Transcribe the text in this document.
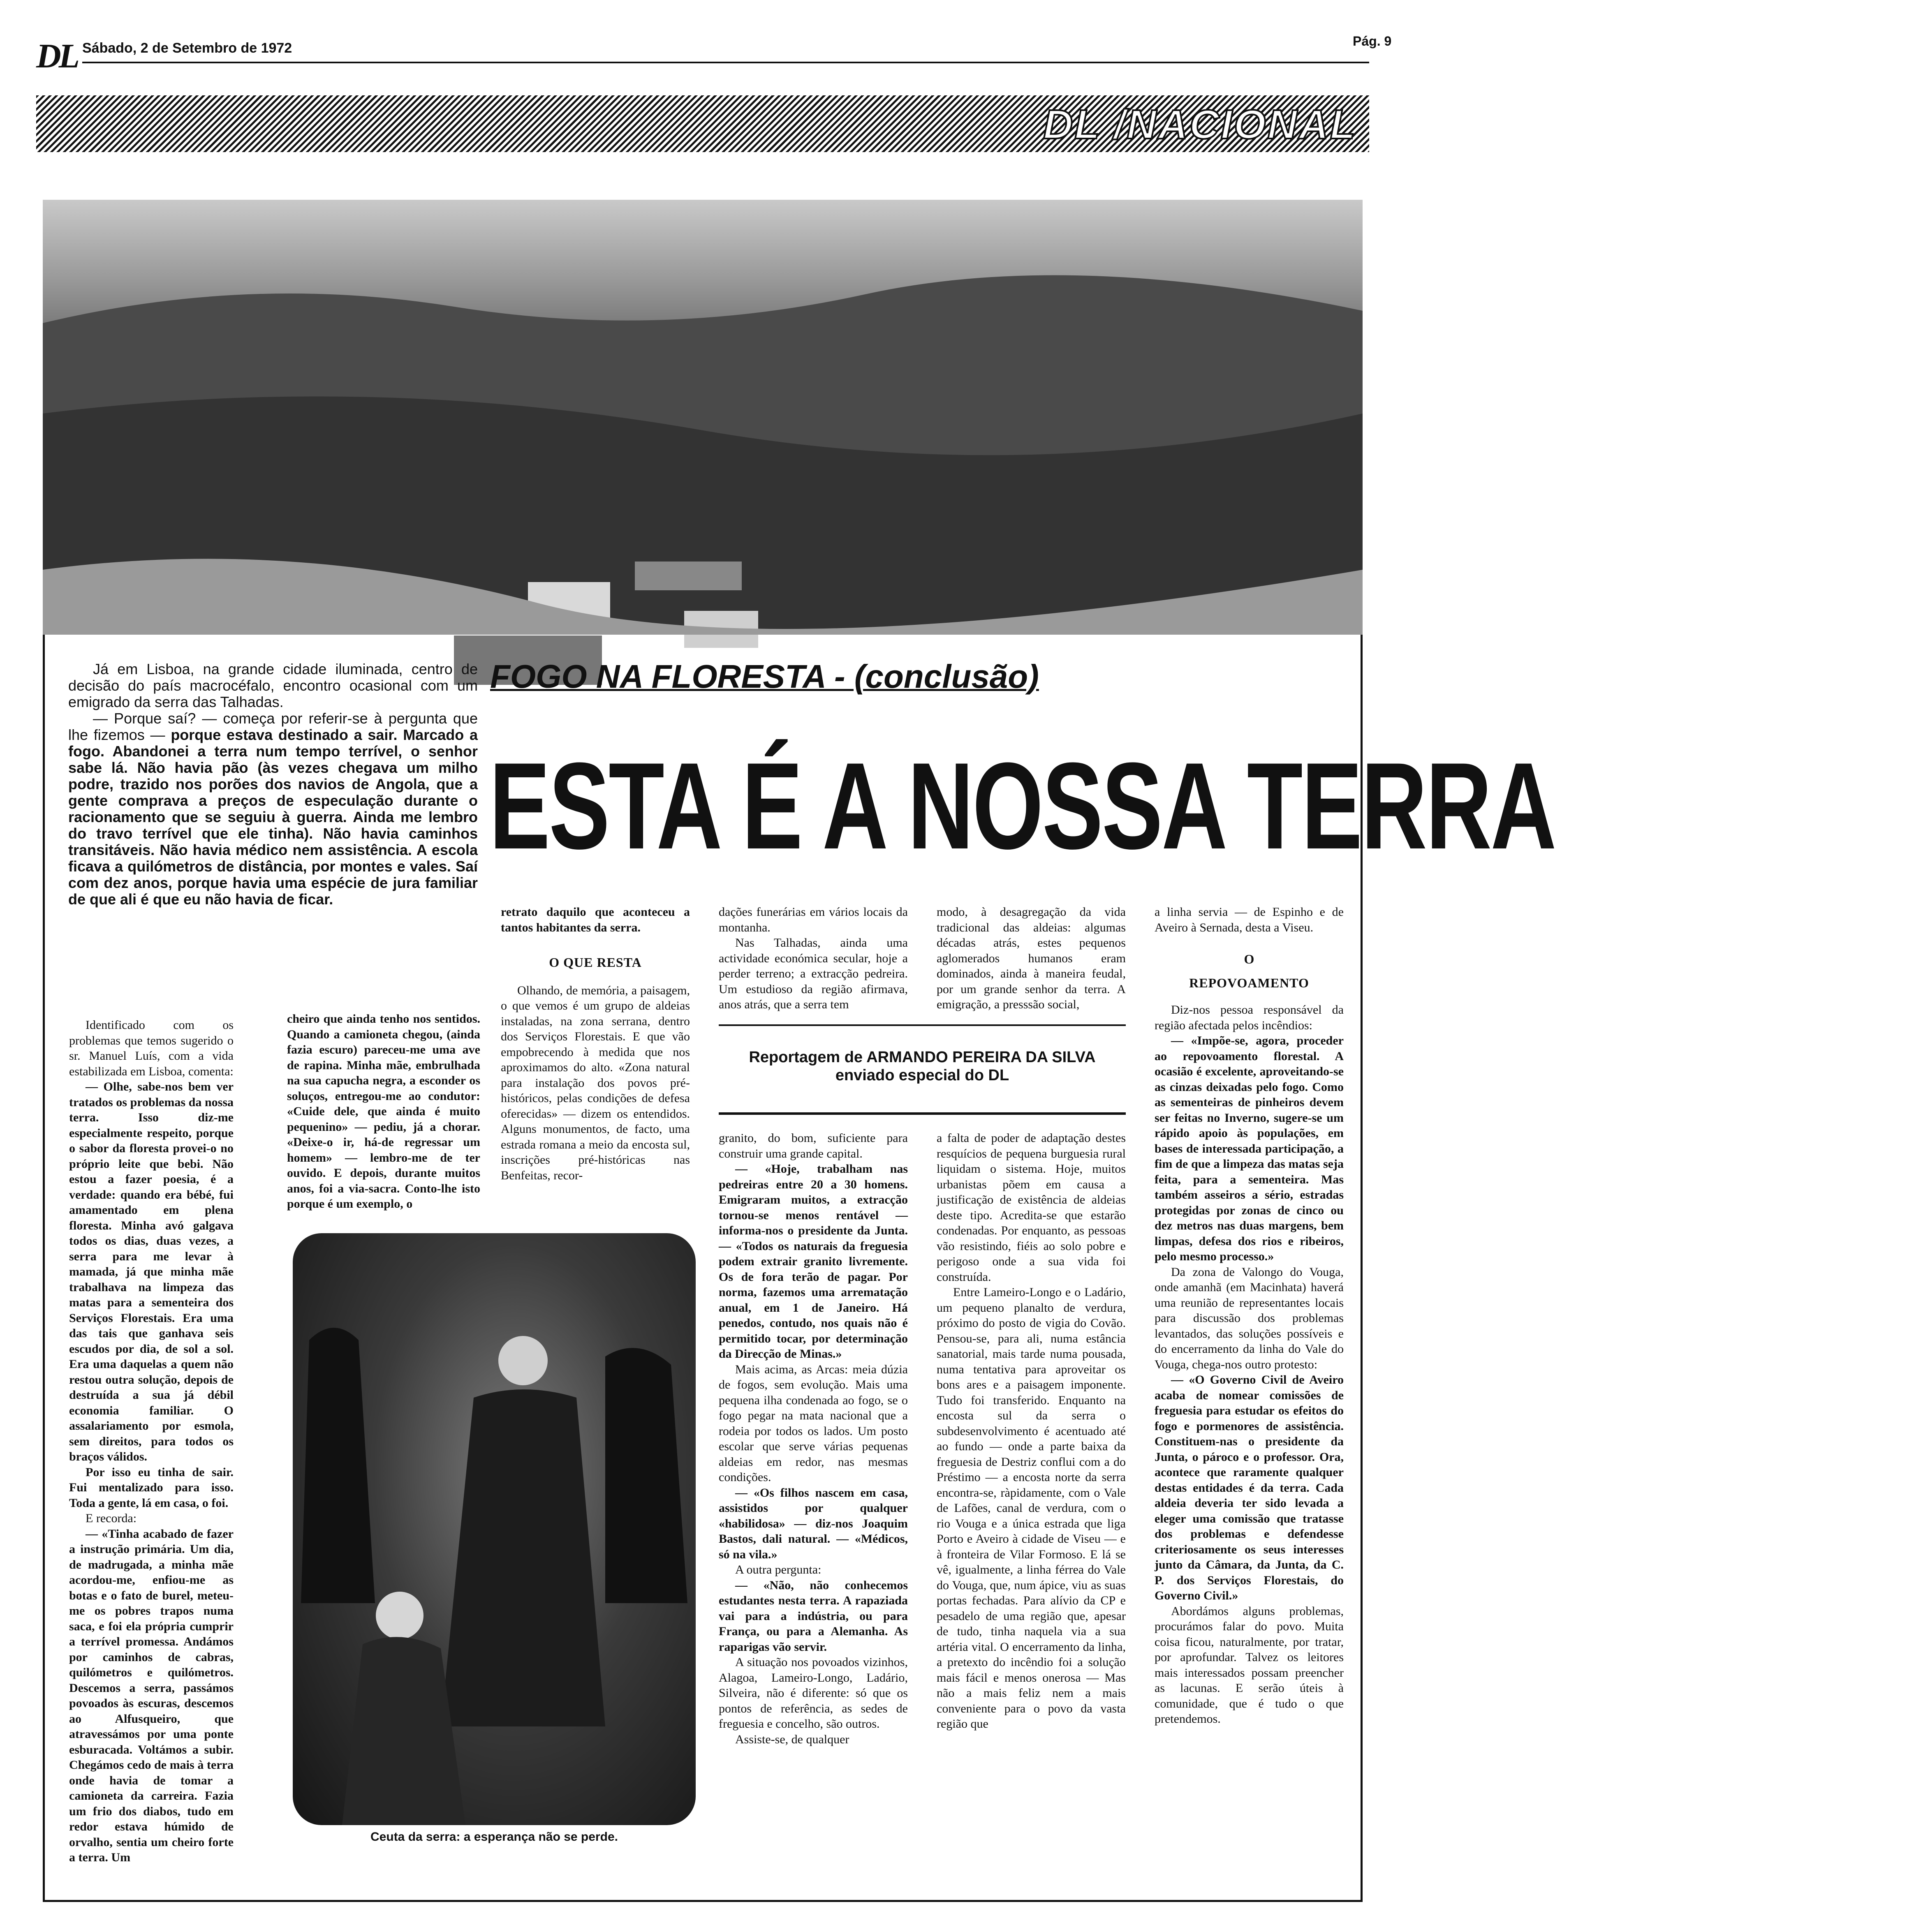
DL Sábado, 2 de Setembro de 1972	Pág. 9
DL /NACIONAL
FOGO NA FLORESTA - (conclusão)
ESTA É A NOSSA TERRA

Já em Lisboa, na grande cidade iluminada, centro de decisão do país macrocéfalo, encontro ocasional com um emigrado da serra das Talhadas.

— Porque saí? — começa por referir-se à pergunta que lhe fizemos — porque estava destinado a sair. Marcado a fogo. Abandonei a terra num tempo terrível, o senhor sabe lá. Não havia pão (às vezes chegava um milho podre, trazido nos porões dos navios de Angola, que a gente comprava a preços de especulação durante o racionamento que se seguiu à guerra. Ainda me lembro do travo terrível que ele tinha). Não havia caminhos transitáveis. Não havia médico nem assistência. A escola ficava a quilómetros de distância, por montes e vales. Saí com dez anos, porque havia uma espécie de jura familiar de que ali é que eu não havia de ficar.

Identificado com os problemas que temos sugerido o sr. Manuel Luís, com a vida estabilizada em Lisboa, comenta:

— Olhe, sabe-nos bem ver tratados os problemas da nossa terra. Isso diz-me especialmente respeito, porque o sabor da floresta provei-o no próprio leite que bebi. Não estou a fazer poesia, é a verdade: quando era bébé, fui amamentado em plena floresta. Minha avó galgava todos os dias, duas vezes, a serra para me levar à mamada, já que minha mãe trabalhava na limpeza das matas para a sementeira dos Serviços Florestais. Era uma das tais que ganhava seis escudos por dia, de sol a sol. Era uma daquelas a quem não restou outra solução, depois de destruída a sua já débil economia familiar. O assalariamento por esmola, sem direitos, para todos os braços válidos.

Por isso eu tinha de sair. Fui mentalizado para isso. Toda a gente, lá em casa, o foi.

E recorda:

— «Tinha acabado de fazer a instrução primária. Um dia, de madrugada, a minha mãe acordou-me, enfiou-me as botas e o fato de burel, meteu-me os pobres trapos numa saca, e foi ela própria cumprir a terrível promessa. Andámos por caminhos de cabras, quilómetros e quilómetros. Descemos a serra, passámos povoados às escuras, descemos ao Alfusqueiro, que atravessámos por uma ponte esburacada. Voltámos a subir. Chegámos cedo de mais à terra onde havia de tomar a camioneta da carreira. Fazia um frio dos diabos, tudo em redor estava húmido de orvalho, sentia um cheiro forte a terra. Um

cheiro que ainda tenho nos sentidos. Quando a camioneta chegou, (ainda fazia escuro) pareceu-me uma ave de rapina. Minha mãe, embrulhada na sua capucha negra, a esconder os soluços, entregou-me ao condutor: «Cuide dele, que ainda é muito pequenino» — pediu, já a chorar. «Deixe-o ir, há-de regressar um homem» — lembro-me de ter ouvido. E depois, durante muitos anos, foi a via-sacra. Conto-lhe isto porque é um exemplo, o

retrato daquilo que aconteceu a tantos habitantes da serra.

O QUE RESTA

Olhando, de memória, a paisagem, o que vemos é um grupo de aldeias instaladas, na zona serrana, dentro dos Serviços Florestais. E que vão empobrecendo à medida que nos aproximamos do alto. «Zona natural para instalação dos povos pré-históricos, pelas condições de defesa oferecidas» — dizem os entendidos. Alguns monumentos, de facto, uma estrada romana a meio da encosta sul, inscrições pré-históricas nas Benfeitas, recor-

dações funerárias em vários locais da montanha.

Nas Talhadas, ainda uma actividade económica secular, hoje a perder terreno; a extracção pedreira. Um estudioso da região afirmava, anos atrás, que a serra tem

modo, à desagregação da vida tradicional das aldeias: algumas décadas atrás, estes pequenos aglomerados humanos eram dominados, ainda à maneira feudal, por um grande senhor da terra. A emigração, a presssão social,

Reportagem de ARMANDO PEREIRA DA SILVA
enviado especial do DL

granito, do bom, suficiente para construir uma grande capital.

— «Hoje, trabalham nas pedreiras entre 20 a 30 homens. Emigraram muitos, a extracção tornou-se menos rentável — informa-nos o presidente da Junta. — «Todos os naturais da freguesia podem extrair granito livremente. Os de fora terão de pagar. Por norma, fazemos uma arrematação anual, em 1 de Janeiro. Há penedos, contudo, nos quais não é permitido tocar, por determinação da Direcção de Minas.»

Mais acima, as Arcas: meia dúzia de fogos, sem evolução. Mais uma pequena ilha condenada ao fogo, se o fogo pegar na mata nacional que a rodeia por todos os lados. Um posto escolar que serve várias pequenas aldeias em redor, nas mesmas condições.

— «Os filhos nascem em casa, assistidos por qualquer «habilidosa» — diz-nos Joaquim Bastos, dali natural. — «Médicos, só na vila.»

A outra pergunta:

— «Não, não conhecemos estudantes nesta terra. A rapaziada vai para a indústria, ou para França, ou para a Alemanha. As raparigas vão servir.

A situação nos povoados vizinhos, Alagoa, Lameiro-Longo, Ladário, Silveira, não é diferente: só que os pontos de referência, as sedes de freguesia e concelho, são outros.

Assiste-se, de qualquer

a falta de poder de adaptação destes resquícios de pequena burguesia rural liquidam o sistema. Hoje, muitos urbanistas põem em causa a justificação de existência de aldeias deste tipo. Acredita-se que estarão condenadas. Por enquanto, as pessoas vão resistindo, fiéis ao solo pobre e perigoso onde a sua vida foi construída.

Entre Lameiro-Longo e o Ladário, um pequeno planalto de verdura, próximo do posto de vigia do Covão. Pensou-se, para ali, numa estância sanatorial, mais tarde numa pousada, numa tentativa para aproveitar os bons ares e a paisagem imponente. Tudo foi transferido. Enquanto na encosta sul da serra o subdesenvolvimento é acentuado até ao fundo — onde a parte baixa da freguesia de Destriz conflui com a do Préstimo — a encosta norte da serra encontra-se, ràpidamente, com o Vale de Lafões, canal de verdura, com o rio Vouga e a única estrada que liga Porto e Aveiro à cidade de Viseu — e à fronteira de Vilar Formoso. E lá se vê, igualmente, a linha férrea do Vale do Vouga, que, num ápice, viu as suas portas fechadas. Para alívio da CP e pesadelo de uma região que, apesar de tudo, tinha naquela via a sua artéria vital. O encerramento da linha, a pretexto do incêndio foi a solução mais fácil e menos onerosa — Mas não a mais feliz nem a mais conveniente para o povo da vasta região que

a linha servia — de Espinho e de Aveiro à Sernada, desta a Viseu.

O
REPOVOAMENTO

Diz-nos pessoa responsável da região afectada pelos incêndios:

— «Impõe-se, agora, proceder ao repovoamento florestal. A ocasião é excelente, aproveitando-se as cinzas deixadas pelo fogo. Como as sementeiras de pinheiros devem ser feitas no Inverno, sugere-se um rápido apoio às populações, em bases de interessada participação, a fim de que a limpeza das matas seja feita, para a sementeira. Mas também asseiros a sério, estradas protegidas por zonas de cinco ou dez metros nas duas margens, bem limpas, defesa dos rios e ribeiros, pelo mesmo processo.»

Da zona de Valongo do Vouga, onde amanhã (em Macinhata) haverá uma reunião de representantes locais para discussão dos problemas levantados, das soluções possíveis e do encerramento da linha do Vale do Vouga, chega-nos outro protesto:

— «O Governo Civil de Aveiro acaba de nomear comissões de freguesia para estudar os efeitos do fogo e pormenores de assistência. Constituem-nas o presidente da Junta, o pároco e o professor. Ora, acontece que raramente qualquer destas entidades é da terra. Cada aldeia deveria ter sido levada a eleger uma comissão que tratasse dos problemas e defendesse criteriosamente os seus interesses junto da Câmara, da Junta, da C. P. dos Serviços Florestais, do Governo Civil.»

Abordámos alguns problemas, procurámos falar do povo. Muita coisa ficou, naturalmente, por tratar, por aprofundar. Talvez os leitores mais interessados possam preencher as lacunas. E serão úteis à comunidade, que é tudo o que pretendemos.

Ceuta da serra: a esperança não se perde.
